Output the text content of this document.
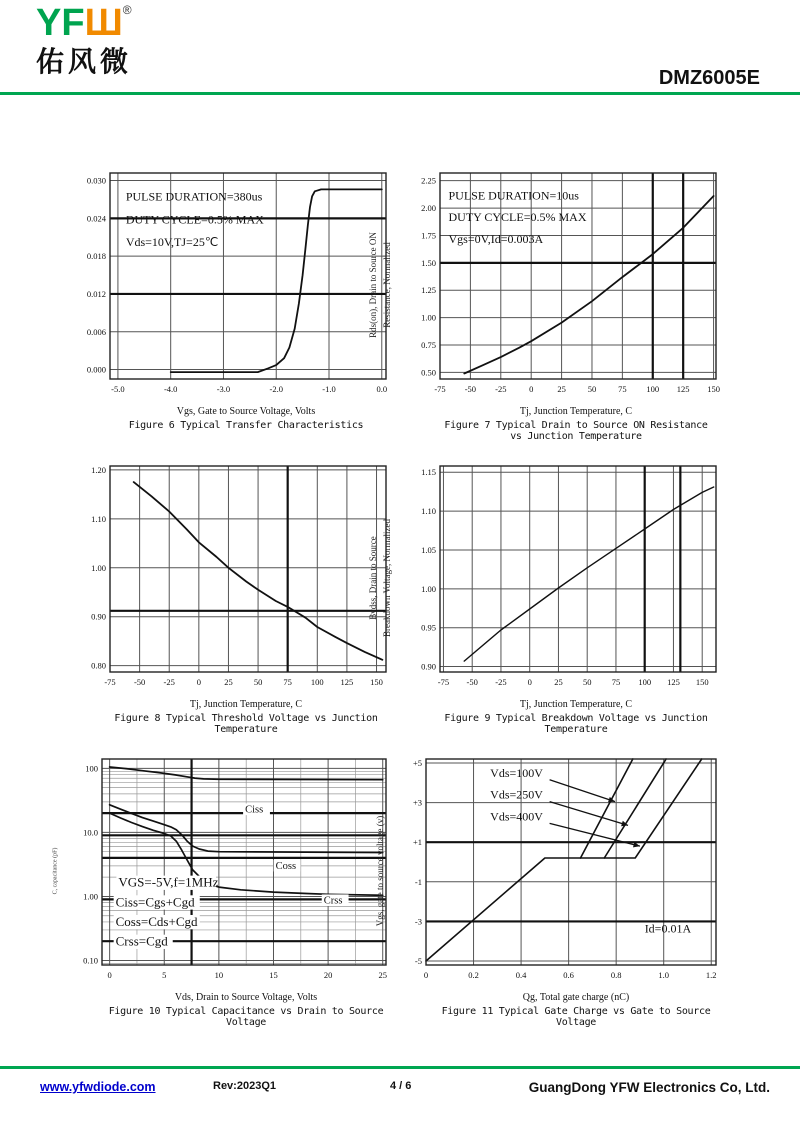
YFШ®
佑风微
DMZ6005E
PULSE DURATION=380us
DUTY CYCLE=0.5% MAX
Vds=10V,TJ=25℃
-5.0	-4.0	-3.0	-2.0	-1.0	0.0
0.000
0.006
0.012
0.018
0.024
0.030
Vgs, Gate to Source Voltage, Volts
Figure 6 Typical Transfer Characteristics
Rds(on), Drain to Source ON Resistance, Normalized
PULSE DURATION=10us
DUTY CYCLE=0.5% MAX
Vgs=0V,Id=0.003A
-75 -50 -25	0	25	50	75 100 125 150
0.50
0.75
1.00
1.25
1.50
1.75
2.00
2.25
Tj, Junction Temperature, C
Figure 7 Typical Drain to Source ON Resistance
vs Junction Temperature
-75 -50 -25	0	25 50 75 100 125 150
0.80
0.90
1.00
1.10
1.20
Tj, Junction Temperature, C
Figure 8 Typical Threshold Voltage vs Junction Temperature
Bvdss, Drain to Source Breakdown Voltage, Normalized
-75 -50 -25 0	25 50 75 100 125 150
0.90
0.95
1.00
1.05
1.10
1.15
Tj, Junction Temperature, C
Figure 9 Typical Breakdown Voltage vs Junction Temperature
C, capacitance (pF)	VGS=-5V,f=1MHz
Ciss=Cgs+Cgd
Coss=Cds+Cgd
Crss=Cgd
Ciss
Coss
Crss
0	5	10	15	20	25
0.10
1.00
10.0
100
Vds, Drain to Source Voltage, Volts
Figure 10 Typical Capacitance vs Drain to Source Voltage
Vgs, gate to source voltage (v)
Vds=100V
Vds=250V
Vds=400V
Id=0.01A
0	0.2	0.4	0.6	0.8	1.0	1.2
-5
-3
-1
+1
+3
+5
Qg, Total gate charge (nC)
Figure 11 Typical Gate Charge vs Gate to Source Voltage
www.yfwdiode.com	Rev:2023Q1	4 / 6	GuangDong YFW Electronics Co, Ltd.
